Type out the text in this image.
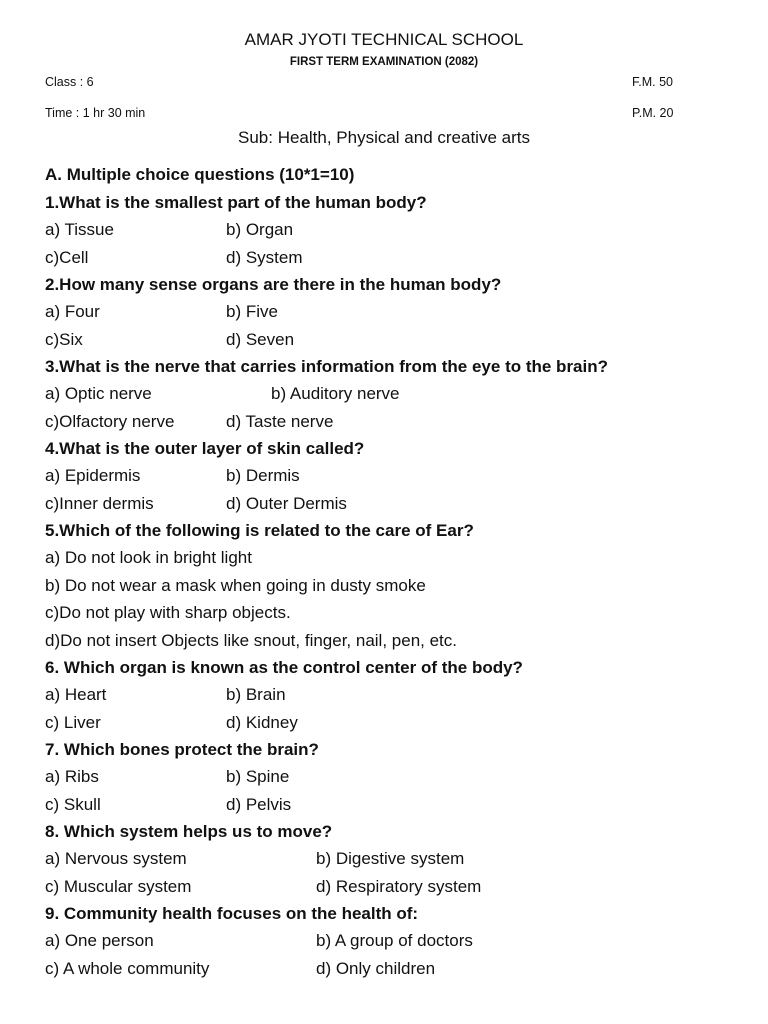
AMAR JYOTI TECHNICAL SCHOOL
FIRST TERM EXAMINATION (2082)
Class : 6	F.M. 50
Time : 1 hr 30 min	P.M. 20
Sub: Health, Physical and creative arts
A. Multiple choice questions (10*1=10)
1.What is the smallest part of the human body?
a) Tissue	b) Organ
c)Cell	d) System
2.How many sense organs are there in the human body?
a) Four	b) Five
c)Six	d) Seven
3.What is the nerve that carries information from the eye to the brain?
a) Optic nerve	b) Auditory nerve
c)Olfactory nerve	d) Taste nerve
4.What is the outer layer of skin called?
a) Epidermis	b) Dermis
c)Inner dermis	d) Outer Dermis
5.Which of the following is related to the care of Ear?
a) Do not look in bright light
b) Do not wear a mask when going in dusty smoke
c)Do not play with sharp objects.
d)Do not insert Objects like snout, finger, nail, pen, etc.
6. Which organ is known as the control center of the body?
a) Heart	b) Brain
c) Liver	d) Kidney
7. Which bones protect the brain?
a) Ribs	b) Spine
c) Skull	d) Pelvis
8. Which system helps us to move?
a) Nervous system	b) Digestive system
c) Muscular system	d) Respiratory system
9. Community health focuses on the health of:
a) One person	b) A group of doctors
c) A whole community	d) Only children
